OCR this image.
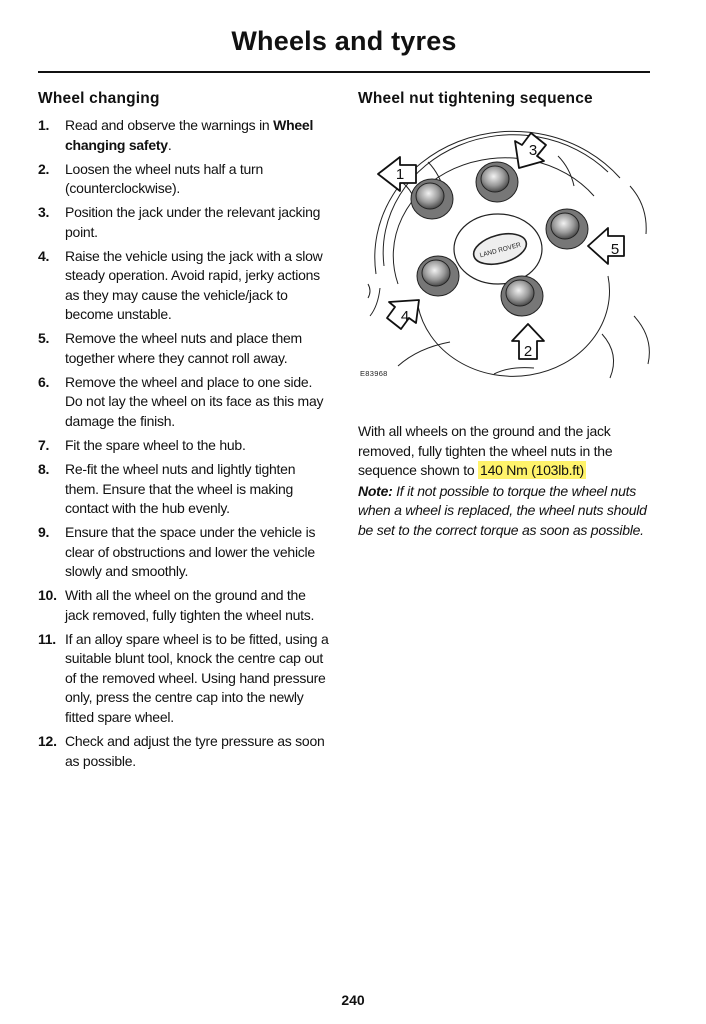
Wheels and tyres
Wheel changing
1. Read and observe the warnings in Wheel changing safety.
2. Loosen the wheel nuts half a turn (counterclockwise).
3. Position the jack under the relevant jacking point.
4. Raise the vehicle using the jack with a slow steady operation. Avoid rapid, jerky actions as they may cause the vehicle/jack to become unstable.
5. Remove the wheel nuts and place them together where they cannot roll away.
6. Remove the wheel and place to one side. Do not lay the wheel on its face as this may damage the finish.
7. Fit the spare wheel to the hub.
8. Re-fit the wheel nuts and lightly tighten them. Ensure that the wheel is making contact with the hub evenly.
9. Ensure that the space under the vehicle is clear of obstructions and lower the vehicle slowly and smoothly.
10. With all the wheel on the ground and the jack removed, fully tighten the wheel nuts.
11. If an alloy spare wheel is to be fitted, using a suitable blunt tool, knock the centre cap out of the removed wheel. Using hand pressure only, press the centre cap into the newly fitted spare wheel.
12. Check and adjust the tyre pressure as soon as possible.
Wheel nut tightening sequence
LAND ROVER
1
3
5
2
4
E83968

With all wheels on the ground and the jack removed, fully tighten the wheel nuts in the sequence shown to 140 Nm (103lb.ft)

Note: If it not possible to torque the wheel nuts when a wheel is replaced, the wheel nuts should be set to the correct torque as soon as possible.

240
